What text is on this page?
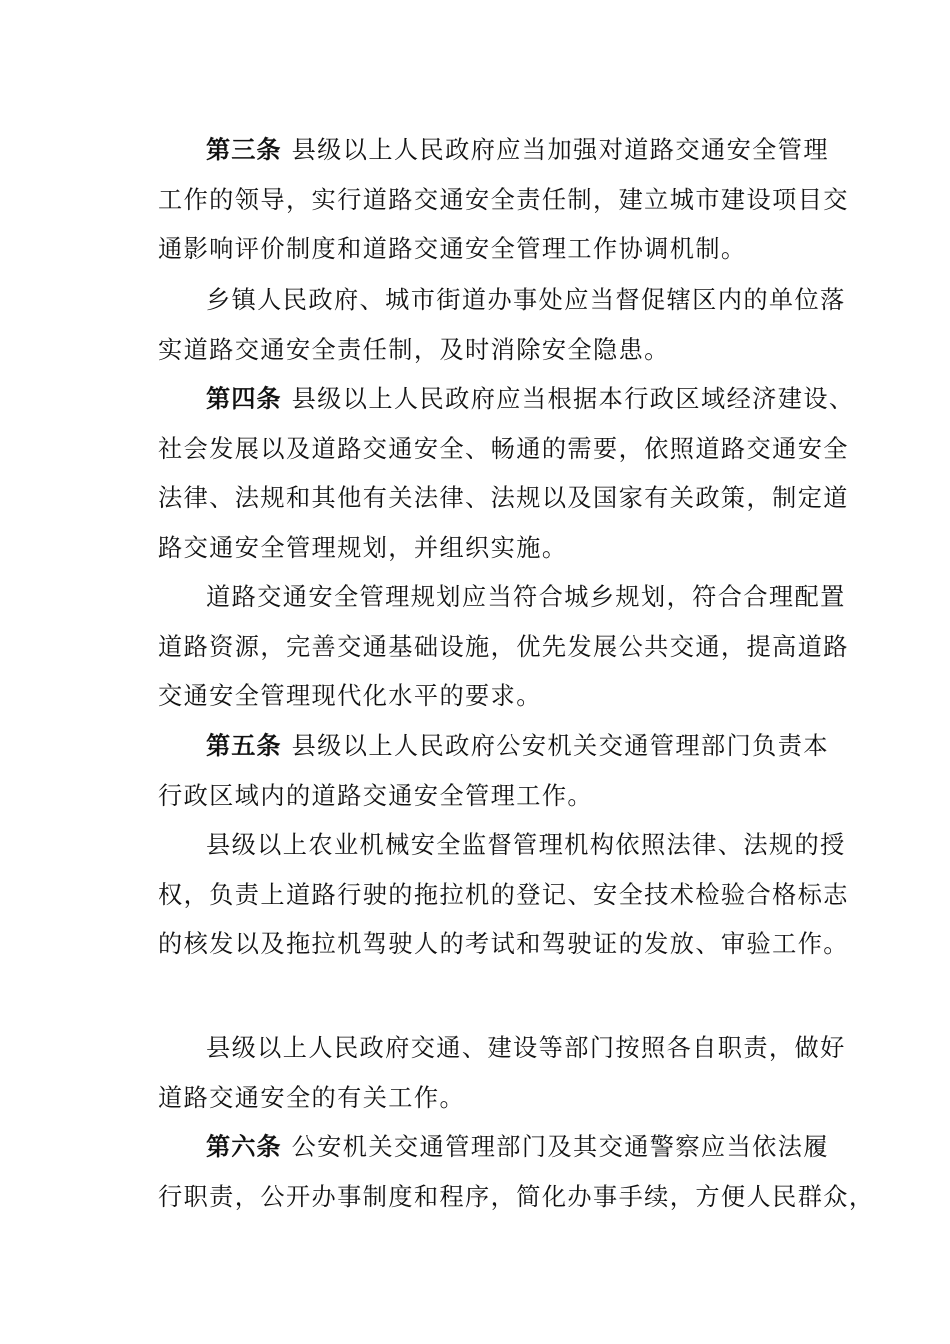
第三条 县级以上人民政府应当加强对道路交通安全管理
工作的领导，实行道路交通安全责任制，建立城市建设项目交
通影响评价制度和道路交通安全管理工作协调机制。
乡镇人民政府、城市街道办事处应当督促辖区内的单位落
实道路交通安全责任制，及时消除安全隐患。
第四条 县级以上人民政府应当根据本行政区域经济建设、
社会发展以及道路交通安全、畅通的需要，依照道路交通安全
法律、法规和其他有关法律、法规以及国家有关政策，制定道
路交通安全管理规划，并组织实施。
道路交通安全管理规划应当符合城乡规划，符合合理配置
道路资源，完善交通基础设施，优先发展公共交通，提高道路
交通安全管理现代化水平的要求。
第五条 县级以上人民政府公安机关交通管理部门负责本
行政区域内的道路交通安全管理工作。
县级以上农业机械安全监督管理机构依照法律、法规的授
权，负责上道路行驶的拖拉机的登记、安全技术检验合格标志
的核发以及拖拉机驾驶人的考试和驾驶证的发放、审验工作。
县级以上人民政府交通、建设等部门按照各自职责，做好
道路交通安全的有关工作。
第六条 公安机关交通管理部门及其交通警察应当依法履
行职责，公开办事制度和程序，简化办事手续，方便人民群众，
